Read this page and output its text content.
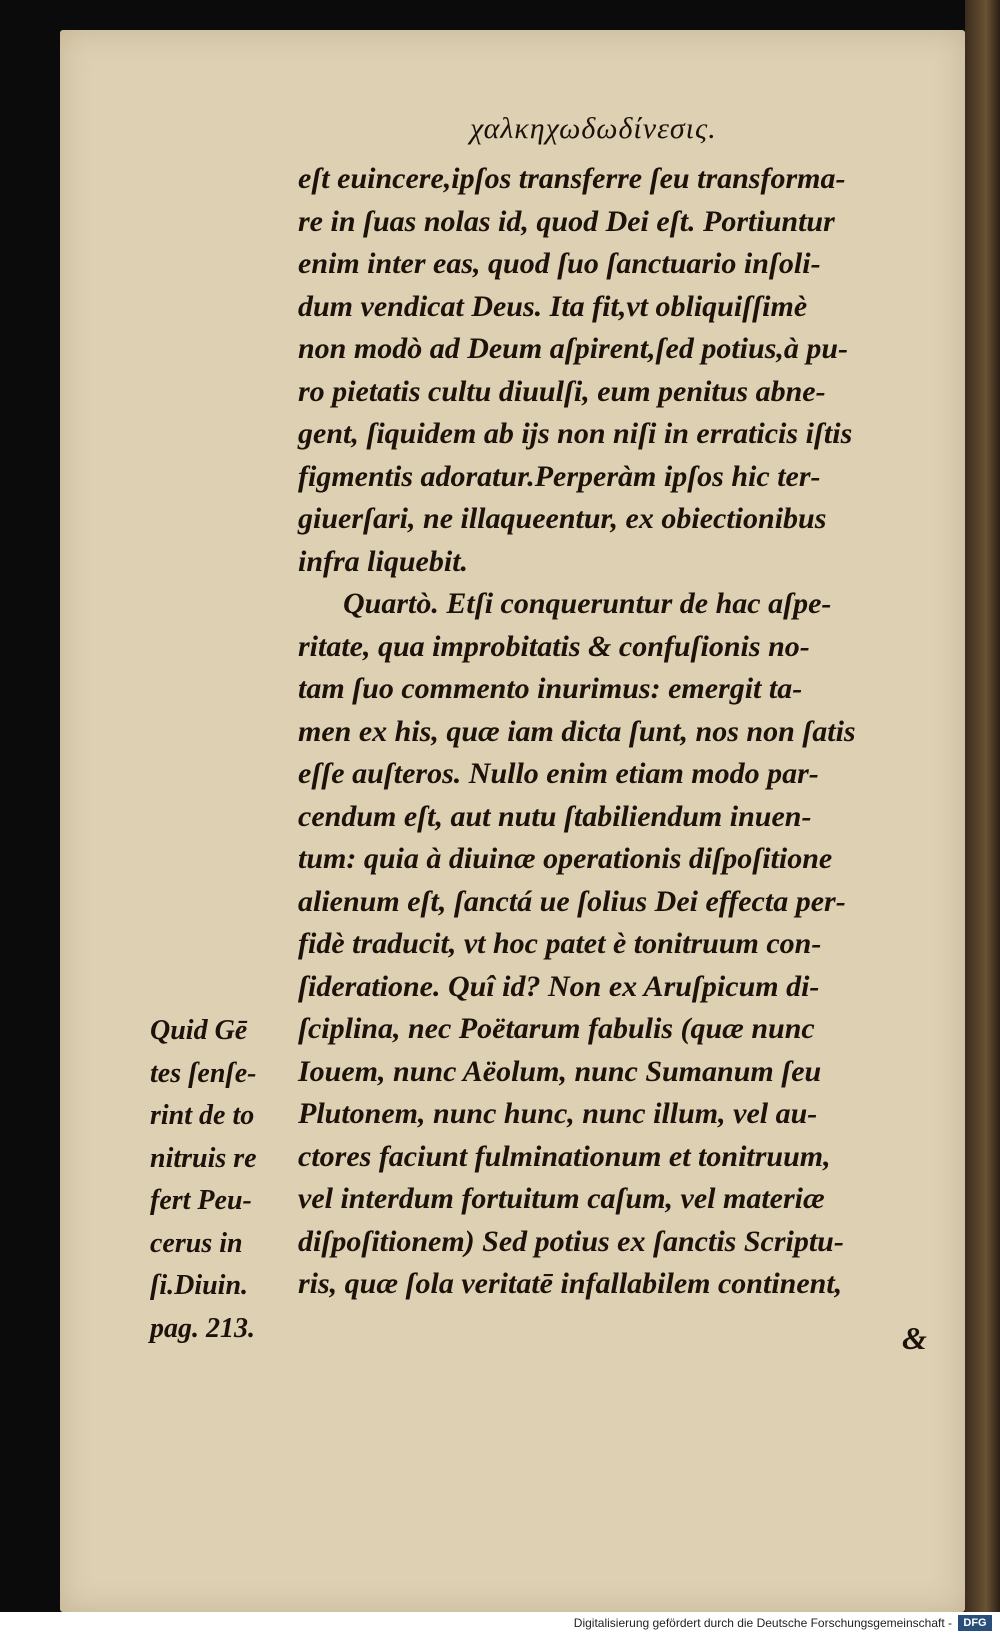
χαλκηχωδωδίνεσις.
eſt euincere,ipſos transferre ſeu transforma-
re in ſuas nolas id, quod Dei eſt. Portiuntur
enim inter eas, quod ſuo ſanctuario inſoli-
dum vendicat Deus. Ita fit,vt obliquiſſimè
non modò ad Deum aſpirent,ſed potius,à pu-
ro pietatis cultu diuulſi, eum penitus abne-
gent, ſiquidem ab ijs non niſi in erraticis iſtis
figmentis adoratur.Perperàm ipſos hic ter-
giuerſari, ne illaqueentur, ex obiectionibus
infra liquebit.
Quartò. Etſi conqueruntur de hac aſpe-
ritate, qua improbitatis & confuſionis no-
tam ſuo commento inurimus: emergit ta-
men ex his, quæ iam dicta ſunt, nos non ſatis
eſſe auſteros. Nullo enim etiam modo par-
cendum eſt, aut nutu ſtabiliendum inuen-
tum: quia à diuinæ operationis diſpoſitione
alienum eſt, ſanctá ue ſolius Dei effecta per-
fidè traducit, vt hoc patet è tonitruum con-
ſideratione. Quî id? Non ex Aruſpicum di-
ſciplina, nec Poëtarum fabulis (quæ nunc
Iouem, nunc Aëolum, nunc Sumanum ſeu
Plutonem, nunc hunc, nunc illum, vel au-
ctores faciunt fulminationum et tonitruum,
vel interdum fortuitum caſum, vel materiæ
diſpoſitionem) Sed potius ex ſanctis Scriptu-
ris, quæ ſola veritatē infallabilem continent,
Quid Gē
tes ſenſe-
rint de to
nitruis re
fert Peu-
cerus in
ſi.Diuin.
pag. 213.	&
Digitalisierung gefördert durch die Deutsche Forschungsgemeinschaft -	DFG
